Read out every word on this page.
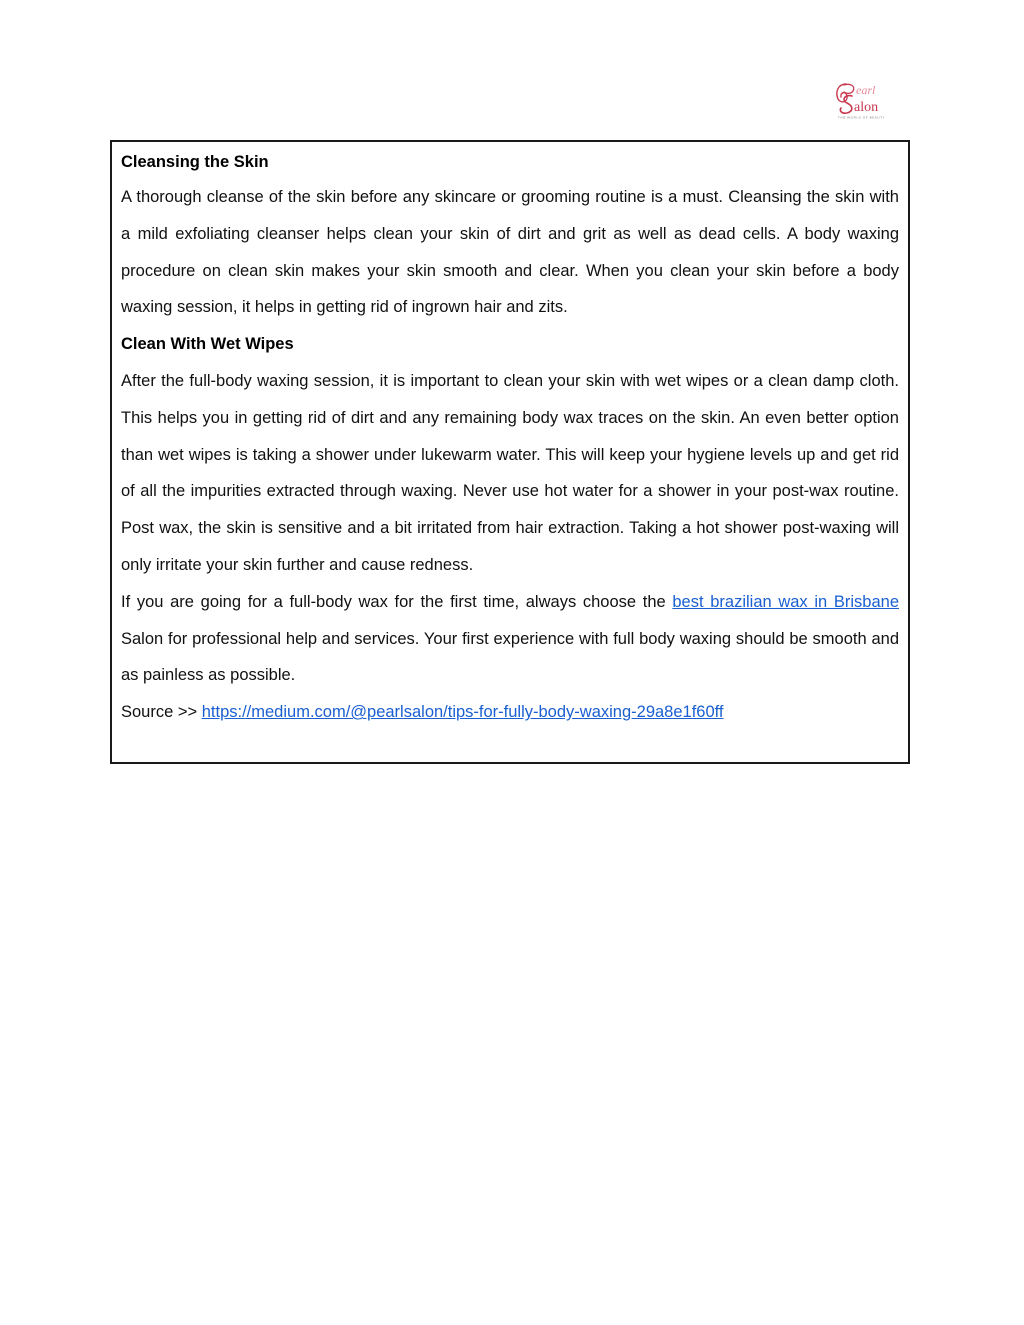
earl
alon
THE WORLD OF BEAUTY

Cleansing the Skin

A thorough cleanse of the skin before any skincare or grooming routine is a must. Cleansing the skin with a mild exfoliating cleanser helps clean your skin of dirt and grit as well as dead cells. A body waxing procedure on clean skin makes your skin smooth and clear. When you clean your skin before a body waxing session, it helps in getting rid of ingrown hair and zits.

Clean With Wet Wipes

After the full-body waxing session, it is important to clean your skin with wet wipes or a clean damp cloth. This helps you in getting rid of dirt and any remaining body wax traces on the skin. An even better option than wet wipes is taking a shower under lukewarm water. This will keep your hygiene levels up and get rid of all the impurities extracted through waxing. Never use hot water for a shower in your post-wax routine. Post wax, the skin is sensitive and a bit irritated from hair extraction. Taking a hot shower post-waxing will only irritate your skin further and cause redness.

If you are going for a full-body wax for the first time, always choose the best brazilian wax in Brisbane Salon for professional help and services. Your first experience with full body waxing should be smooth and as painless as possible.

Source >> https://medium.com/@pearlsalon/tips-for-fully-body-waxing-29a8e1f60ff
